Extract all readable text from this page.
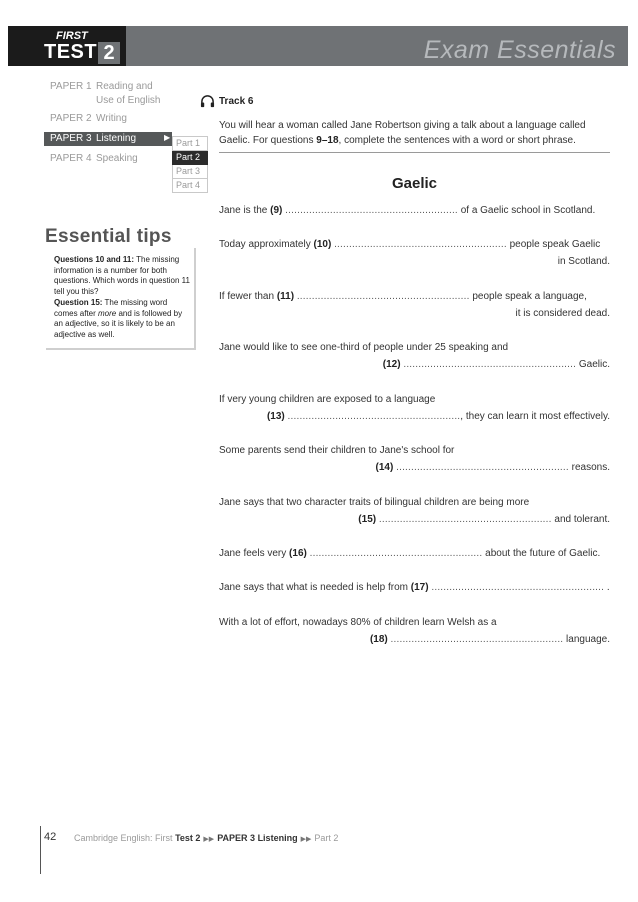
FIRST
TEST 2	Exam Essentials
PAPER 1 Reading and
Use of English
PAPER 2 Writing
PAPER 3 Listening	▶
PAPER 4 Speaking
Part 1
Part 2
Part 3
Part 4
Essential tips

Questions 10 and 11: The missing information is a number for both questions. Which words in question 11 tell you this?

Question 15: The missing word comes after more and is followed by an adjective, so it is likely to be an adjective as well.

Track 6
You will hear a woman called Jane Robertson giving a talk about a language called Gaelic. For questions 9–18, complete the sentences with a word or short phrase.
Gaelic
Jane is the (9) .......................................................... of a Gaelic school in Scotland.
Today approximately (10) .......................................................... people speak Gaelic
in Scotland.
If fewer than (11) .......................................................... people speak a language,
it is considered dead.
Jane would like to see one-third of people under 25 speaking and
(12) .......................................................... Gaelic.
If very young children are exposed to a language
(13) .........................................................., they can learn it most effectively.
Some parents send their children to Jane's school for
(14) .......................................................... reasons.
Jane says that two character traits of bilingual children are being more
(15) .......................................................... and tolerant.
Jane feels very (16) .......................................................... about the future of Gaelic.
Jane says that what is needed is help from (17) .......................................................... .
With a lot of effort, nowadays 80% of children learn Welsh as a
(18) .......................................................... language.
42 Cambridge English: First Test 2 ▶▶ PAPER 3 Listening ▶▶ Part 2
